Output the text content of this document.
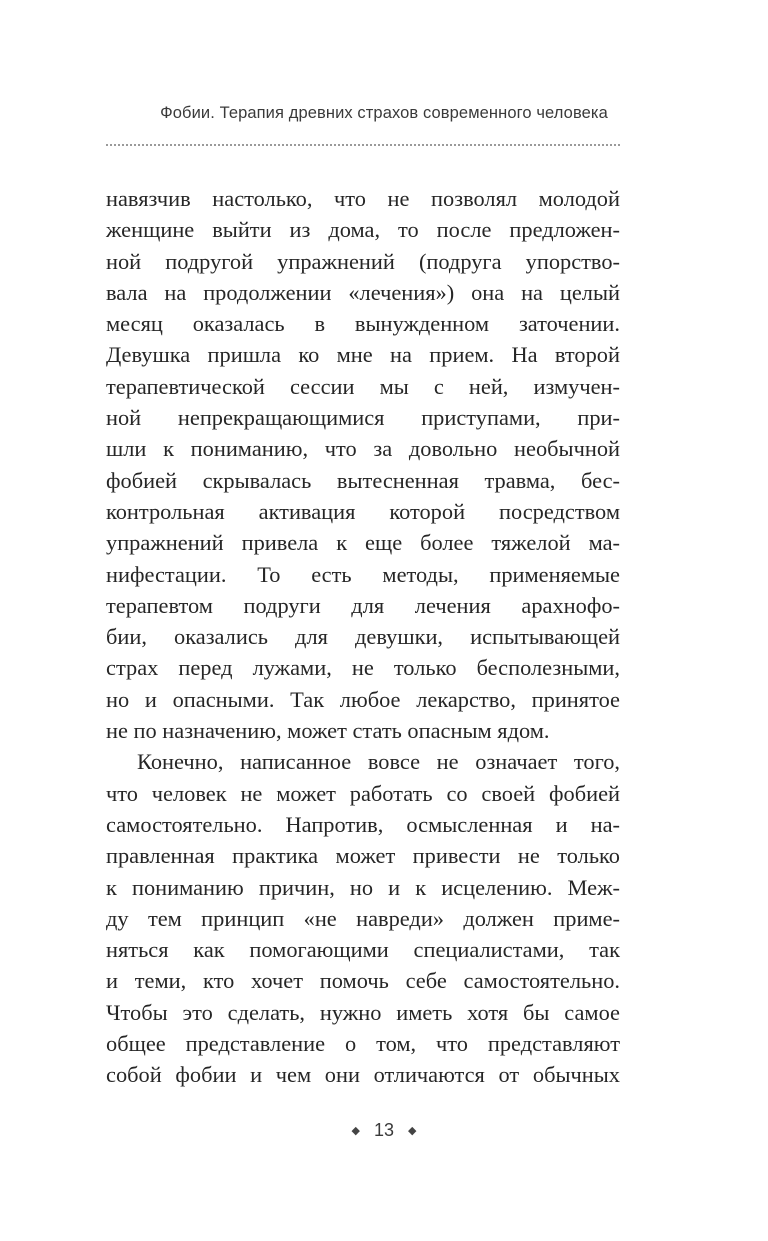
Фобии. Терапия древних страхов современного человека
навязчив настолько, что не позволял молодой
женщине выйти из дома, то после предложен-
ной подругой упражнений (подруга упорство-
вала на продолжении «лечения») она на целый
месяц оказалась в вынужденном заточении.
Девушка пришла ко мне на прием. На второй
терапевтической сессии мы с ней, измучен-
ной непрекращающимися приступами, при-
шли к пониманию, что за довольно необычной
фобией скрывалась вытесненная травма, бес-
контрольная активация которой посредством
упражнений привела к еще более тяжелой ма-
нифестации. То есть методы, применяемые
терапевтом подруги для лечения арахнофо-
бии, оказались для девушки, испытывающей
страх перед лужами, не только бесполезными,
но и опасными. Так любое лекарство, принятое
не по назначению, может стать опасным ядом.
Конечно, написанное вовсе не означает того,
что человек не может работать со своей фобией
самостоятельно. Напротив, осмысленная и на-
правленная практика может привести не только
к пониманию причин, но и к исцелению. Меж-
ду тем принцип «не навреди» должен приме-
няться как помогающими специалистами, так
и теми, кто хочет помочь себе самостоятельно.
Чтобы это сделать, нужно иметь хотя бы самое
общее представление о том, что представляют
собой фобии и чем они отличаются от обычных
◆ 13 ◆
